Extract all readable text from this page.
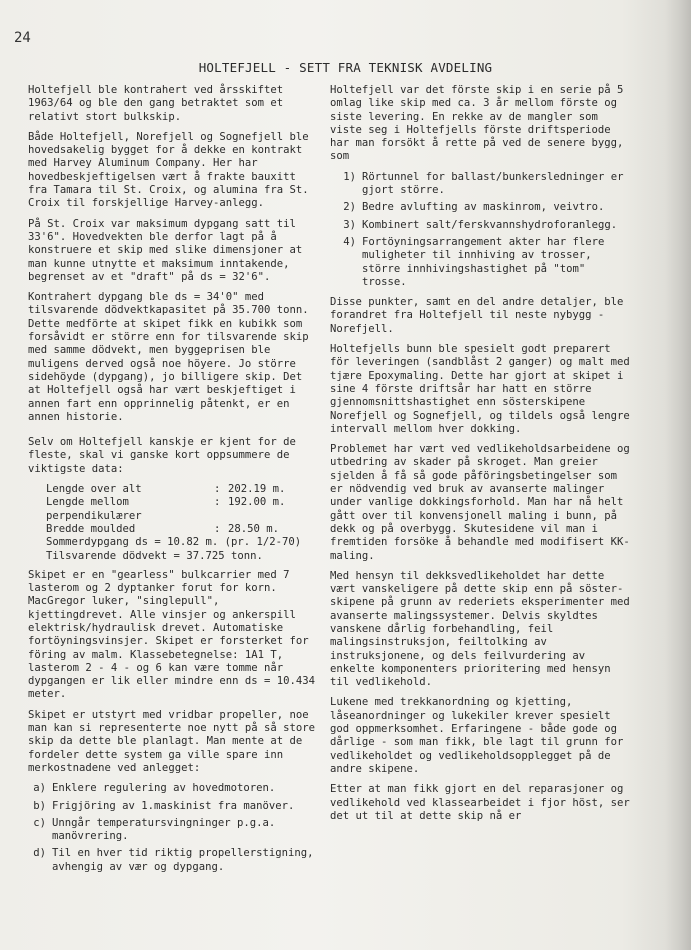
24
HOLTEFJELL - SETT FRA TEKNISK AVDELING

Holtefjell ble kontrahert ved årsskiftet 1963/64 og ble den gang betraktet som et relativt stort bulkskip.

Både Holtefjell, Norefjell og Sognefjell ble hovedsakelig bygget for å dekke en kontrakt med Harvey Aluminum Company. Her har hovedbeskjeftigelsen vært å frakte bauxitt fra Tamara til St. Croix, og alumina fra St. Croix til forskjellige Harvey-anlegg.

På St. Croix var maksimum dypgang satt til 33'6". Hovedvekten ble derfor lagt på å konstruere et skip med slike dimensjoner at man kunne utnytte et maksimum inntakende, begrenset av et "draft" på ds = 32'6".

Kontrahert dypgang ble ds = 34'0" med tilsvarende dödvektkapasitet på 35.700 tonn. Dette medförte at skipet fikk en kubikk som forsåvidt er större enn for tilsvarende skip med samme dödvekt, men byggeprisen ble muligens derved også noe höyere. Jo större sidehöyde (dypgang), jo billigere skip. Det at Holtefjell også har vært beskjeftiget i annen fart enn opprinnelig påtenkt, er en annen historie.

Selv om Holtefjell kanskje er kjent for de fleste, skal vi ganske kort oppsummere de viktigste data:

Lengde over alt	: 202.19 m.
Lengde mellom perpendikulærer
: 192.00 m.
Bredde moulded	: 28.50 m.
Sommerdypgang ds = 10.82 m. (pr. 1/2-70)
Tilsvarende dödvekt = 37.725 tonn.

Skipet er en "gearless" bulkcarrier med 7 lasterom og 2 dyptanker forut for korn. MacGregor luker, "singlepull", kjettingdrevet. Alle vinsjer og ankerspill elektrisk/hydraulisk drevet. Automatiske fortöyningsvinsjer. Skipet er forsterket for föring av malm. Klassebetegnelse: 1A1 T, lasterom 2 - 4 - og 6 kan være tomme når dypgangen er lik eller mindre enn ds = 10.434 meter.

Skipet er utstyrt med vridbar propeller, noe man kan si representerte noe nytt på så store skip da dette ble planlagt. Man mente at de fordeler dette system ga ville spare inn merkostnadene ved anlegget:

a) Enklere regulering av hovedmotoren.
b) Frigjöring av 1.maskinist fra manöver.
c) Unngår temperatursvingninger p.g.a. manövrering.
d) Til en hver tid riktig propellerstigning, avhengig av vær og dypgang.

Holtefjell var det förste skip i en serie på 5 omlag like skip med ca. 3 år mellom förste og siste levering. En rekke av de mangler som viste seg i Holtefjells förste driftsperiode har man forsökt å rette på ved de senere bygg, som

1) Rörtunnel for ballast/bunkersledninger er gjort större.
2) Bedre avlufting av maskinrom, veivtro.
3) Kombinert salt/ferskvannshydroforanlegg.
4) Fortöyningsarrangement akter har flere muligheter til innhiving av trosser, större innhivingshastighet på "tom" trosse.

Disse punkter, samt en del andre detaljer, ble forandret fra Holtefjell til neste nybygg - Norefjell.

Holtefjells bunn ble spesielt godt preparert för leveringen (sandblåst 2 ganger) og malt med tjære Epoxymaling. Dette har gjort at skipet i sine 4 förste driftsår har hatt en större gjennomsnittshastighet enn sösterskipene Norefjell og Sognefjell, og tildels også lengre intervall mellom hver dokking.

Problemet har vært ved vedlikeholdsarbeidene og utbedring av skader på skroget. Man greier sjelden å få så gode påföringsbetingelser som er nödvendig ved bruk av avanserte malinger under vanlige dokkingsforhold. Man har nå helt gått over til konvensjonell maling i bunn, på dekk og på overbygg. Skutesidene vil man i fremtiden forsöke å behandle med modifisert KK-maling.

Med hensyn til dekksvedlikeholdet har dette vært vanskeligere på dette skip enn på sösterskipene på grunn av rederiets eksperimenter med avanserte malingssystemer. Delvis skyldtes vanskene dårlig forbehandling, feil malingsinstruksjon, feiltolking av instruksjonene, og dels feilvurdering av enkelte komponenters prioritering med hensyn til vedlikehold.

Lukene med trekkanordning og kjetting, låseanordninger og lukekiler krever spesielt god oppmerksomhet. Erfaringene - både gode og dårlige - som man fikk, ble lagt til grunn for vedlikeholdet og vedlikeholdsopplegget på de andre skipene.

Etter at man fikk gjort en del reparasjoner og vedlikehold ved klassearbeidet i fjor höst, ser det ut til at dette skip nå er
